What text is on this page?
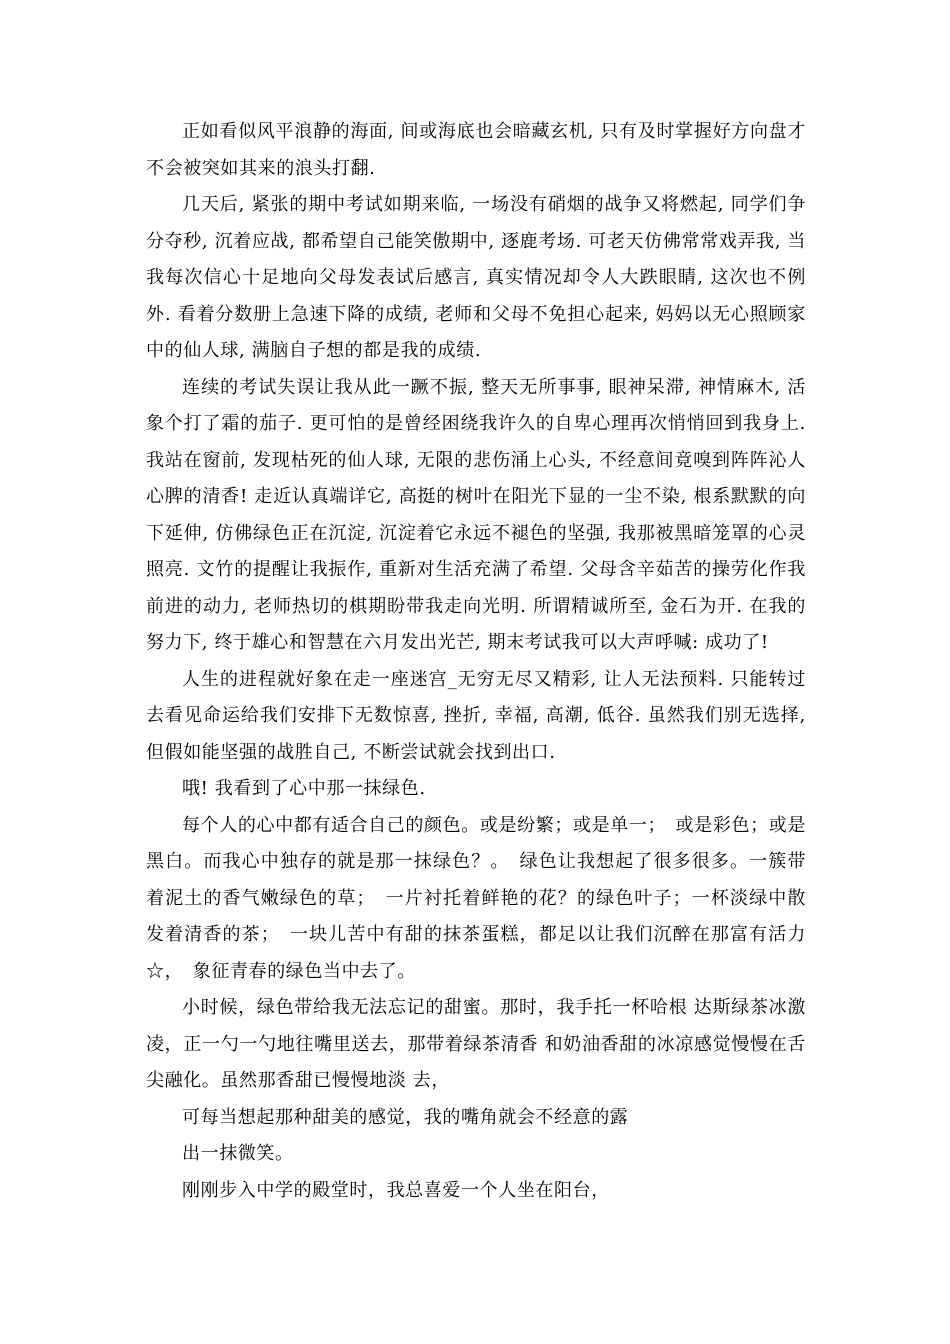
正如看似风平浪静的海面, 间或海底也会暗藏玄机, 只有及时掌握好方向盘才不会被突如其来的浪头打翻.

几天后, 紧张的期中考试如期来临, 一场没有硝烟的战争又将燃起, 同学们争分夺秒, 沉着应战, 都希望自己能笑傲期中, 逐鹿考场. 可老天仿佛常常戏弄我, 当我每次信心十足地向父母发表试后感言, 真实情况却令人大跌眼睛, 这次也不例外. 看着分数册上急速下降的成绩, 老师和父母不免担心起来, 妈妈以无心照顾家中的仙人球, 满脑自子想的都是我的成绩.

连续的考试失误让我从此一蹶不振, 整天无所事事, 眼神呆滞, 神情麻木, 活象个打了霜的茄子. 更可怕的是曾经困绕我许久的自卑心理再次悄悄回到我身上. 我站在窗前, 发现枯死的仙人球, 无限的悲伤涌上心头, 不经意间竟嗅到阵阵沁人心脾的清香! 走近认真端详它, 高挺的树叶在阳光下显的一尘不染, 根系默默的向下延伸, 仿佛绿色正在沉淀, 沉淀着它永远不褪色的坚强, 我那被黑暗笼罩的心灵照亮. 文竹的提醒让我振作, 重新对生活充满了希望. 父母含辛茹苦的操劳化作我前进的动力, 老师热切的棋期盼带我走向光明. 所谓精诚所至, 金石为开. 在我的努力下, 终于雄心和智慧在六月发出光芒, 期末考试我可以大声呼喊: 成功了!

人生的进程就好象在走一座迷宫_无穷无尽又精彩, 让人无法预料. 只能转过去看见命运给我们安排下无数惊喜, 挫折, 幸福, 高潮, 低谷. 虽然我们别无选择, 但假如能坚强的战胜自己, 不断尝试就会找到出口.

哦! 我看到了心中那一抹绿色.

每个人的心中都有适合自己的颜色。或是纷繁；或是单一；　或是彩色；或是黑白。而我心中独存的就是那一抹绿色？。　绿色让我想起了很多很多。一簇带着泥土的香气嫩绿色的草；　一片衬托着鲜艳的花？的绿色叶子；一杯淡绿中散发着清香的茶；　一块儿苦中有甜的抹茶蛋糕，都足以让我们沉醉在那富有活力☆，　象征青春的绿色当中去了。

小时候，绿色带给我无法忘记的甜蜜。那时，我手托一杯哈根 达斯绿茶冰激凌，正一勺一勺地往嘴里送去，那带着绿茶清香 和奶油香甜的冰凉感觉慢慢在舌尖融化。虽然那香甜已慢慢地淡 去，

可每当想起那种甜美的感觉，我的嘴角就会不经意的露

出一抹微笑。

刚刚步入中学的殿堂时，我总喜爱一个人坐在阳台，
